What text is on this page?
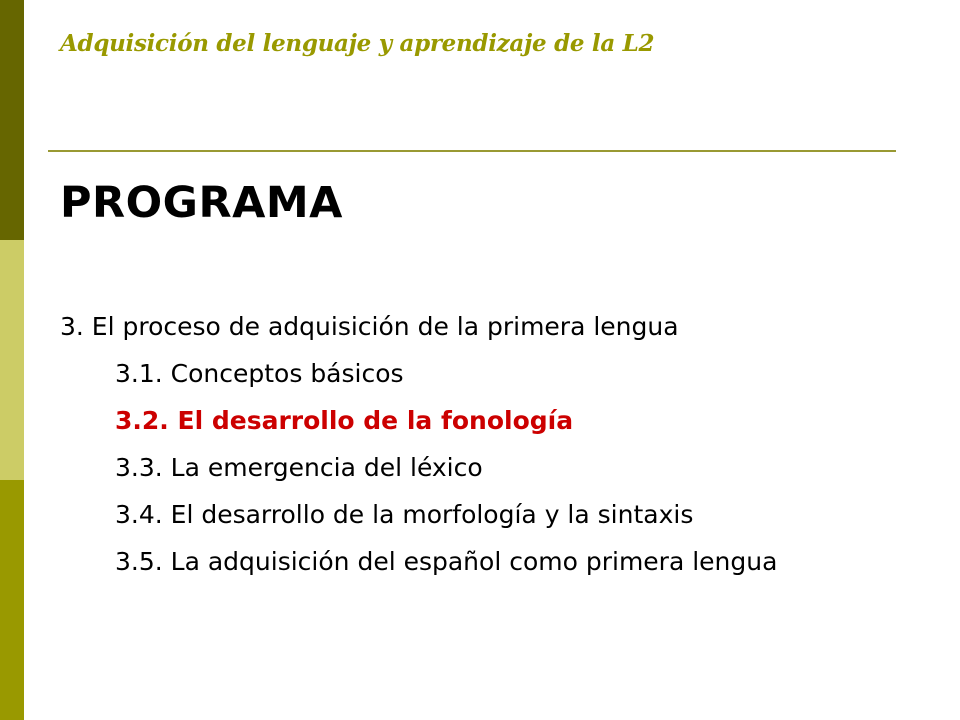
Adquisición del lenguaje y aprendizaje de la L2
PROGRAMA

3. El proceso de adquisición de la primera lengua

3.1. Conceptos básicos

3.2. El desarrollo de la fonología

3.3. La emergencia del léxico

3.4. El desarrollo de la morfología y la sintaxis

3.5. La adquisición del español como primera lengua
